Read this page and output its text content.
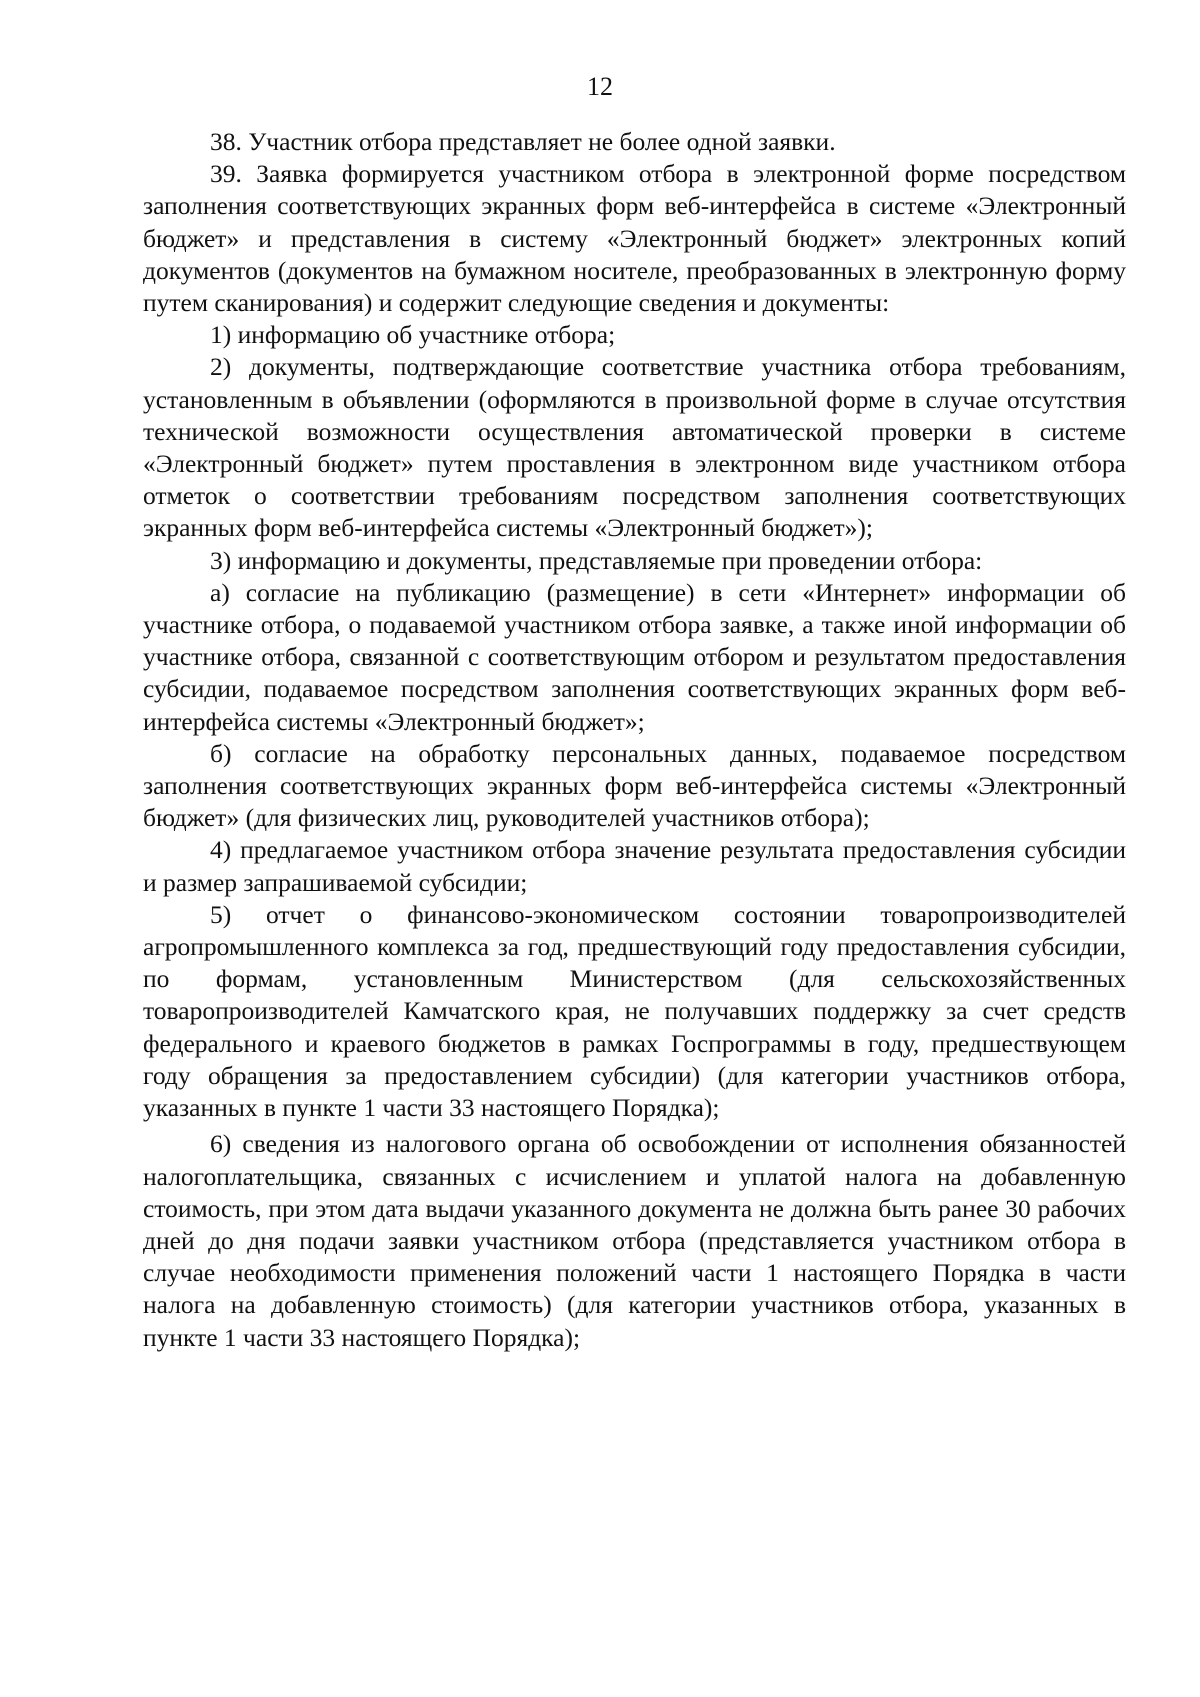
12

38. Участник отбора представляет не более одной заявки.

39. Заявка формируется участником отбора в электронной форме посредством заполнения соответствующих экранных форм веб-интерфейса в системе «Электронный бюджет» и представления в систему «Электронный бюджет» электронных копий документов (документов на бумажном носителе, преобразованных в электронную форму путем сканирования) и содержит следующие сведения и документы:

1) информацию об участнике отбора;

2) документы, подтверждающие соответствие участника отбора требованиям, установленным в объявлении (оформляются в произвольной форме в случае отсутствия технической возможности осуществления автоматической проверки в системе «Электронный бюджет» путем проставления в электронном виде участником отбора отметок о соответствии требованиям посредством заполнения соответствующих экранных форм веб-интерфейса системы «Электронный бюджет»);

3) информацию и документы, представляемые при проведении отбора:

а) согласие на публикацию (размещение) в сети «Интернет» информации об участнике отбора, о подаваемой участником отбора заявке, а также иной информации об участнике отбора, связанной с соответствующим отбором и результатом предоставления субсидии, подаваемое посредством заполнения соответствующих экранных форм веб-интерфейса системы «Электронный бюджет»;

б) согласие на обработку персональных данных, подаваемое посредством заполнения соответствующих экранных форм веб-интерфейса системы «Электронный бюджет» (для физических лиц, руководителей участников отбора);

4) предлагаемое участником отбора значение результата предоставления субсидии и размер запрашиваемой субсидии;

5) отчет о финансово-экономическом состоянии товаропроизводителей агропромышленного комплекса за год, предшествующий году предоставления субсидии, по формам, установленным Министерством (для сельскохозяйственных товаропроизводителей Камчатского края, не получавших поддержку за счет средств федерального и краевого бюджетов в рамках Госпрограммы в году, предшествующем году обращения за предоставлением субсидии) (для категории участников отбора, указанных в пункте 1 части 33 настоящего Порядка);

6) сведения из налогового органа об освобождении от исполнения обязанностей налогоплательщика, связанных с исчислением и уплатой налога на добавленную стоимость, при этом дата выдачи указанного документа не должна быть ранее 30 рабочих дней до дня подачи заявки участником отбора (представляется участником отбора в случае необходимости применения положений части 1 настоящего Порядка в части налога на добавленную стоимость) (для категории участников отбора, указанных в пункте 1 части 33 настоящего Порядка);
